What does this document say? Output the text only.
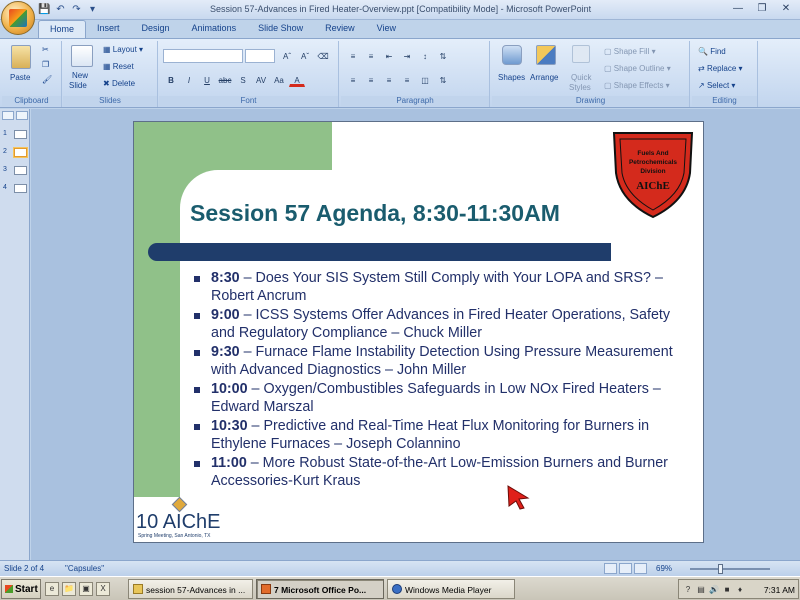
💾 ↶ ↷ ▾	Session 57-Advances in Fired Heater-Overview.ppt [Compatibility Mode] - Microsoft PowerPoint	—	❐	✕
Home	Insert	Design	Animations	Slide Show	Review	View
Paste
✂
❐
🖌
Clipboard
New
Slide
▦ Layout ▾
▦ Reset
✖ Delete
Slides
Aˆ	Aˇ	⌫
B	I	U	abc	S	AV	Aa	A
Font
≡	≡	⇤	⇥	↕	⇅
≡	≡	≡	≡	◫	⇅
Paragraph
Shapes Arrange Quick
Styles
▢ Shape Fill ▾
▢ Shape Outline ▾
▢ Shape Effects ▾
Drawing
🔍 Find
⇄ Replace ▾
↗ Select ▾
Editing
1
2
3
4
Fuels And
Petrochemicals
Division
AIChE
Session 57 Agenda, 8:30-11:30AM
8:30 – Does Your SIS System Still Comply with Your LOPA and SRS? – Robert Ancrum
9:00 – ICSS Systems Offer Advances in Fired Heater Operations, Safety and Regulatory Compliance – Chuck Miller
9:30 – Furnace Flame Instability Detection Using Pressure Measurement with Advanced Diagnostics – John Miller
10:00 – Oxygen/Combustibles Safeguards in Low NOx Fired Heaters – Edward Marszal
10:30 – Predictive and Real-Time Heat Flux Monitoring for Burners in Ethylene Furnaces – Joseph Colannino
11:00 – More Robust State-of-the-Art Low-Emission Burners and Burner Accessories-Kurt Kraus
10 AIChE
Spring Meeting, San Antonio, TX
Slide 2 of 4	"Capsules"	69%
Start	e	📁	▣	X	session 57-Advances in ...	7 Microsoft Office Po...	Windows Media Player	? ▤ 🔊 ■	♦	7:31 AM
